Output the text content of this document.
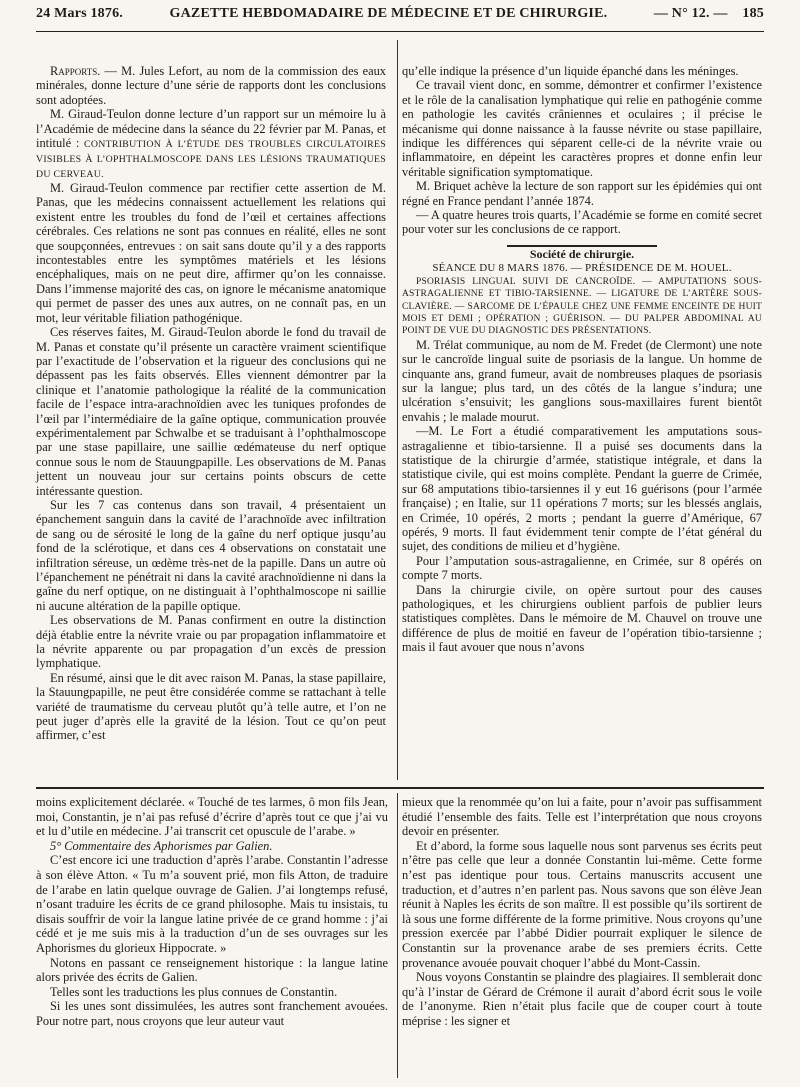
24 Mars 1876.	GAZETTE HEBDOMADAIRE DE MÉDECINE ET DE CHIRURGIE.	— N° 12. — 185

Rapports. — M. Jules Lefort, au nom de la commission des eaux minérales, donne lecture d’une série de rapports dont les conclusions sont adoptées.

M. Giraud-Teulon donne lecture d’un rapport sur un mémoire lu à l’Académie de médecine dans la séance du 22 février par M. Panas, et intitulé : CONTRIBUTION À L’ÉTUDE DES TROUBLES CIRCULATOIRES VISIBLES À L’OPHTHALMOSCOPE DANS LES LÉSIONS TRAUMATIQUES DU CERVEAU.

M. Giraud-Teulon commence par rectifier cette assertion de M. Panas, que les médecins connaissent actuellement les relations qui existent entre les troubles du fond de l’œil et certaines affections cérébrales. Ces relations ne sont pas connues en réalité, elles ne sont que soupçonnées, entrevues : on sait sans doute qu’il y a des rapports incontestables entre les symptômes matériels et les lésions encéphaliques, mais on ne peut dire, affirmer qu’on les connaisse. Dans l’immense majorité des cas, on ignore le mécanisme anatomique qui permet de passer des unes aux autres, on ne connaît pas, en un mot, leur véritable filiation pathogénique.

Ces réserves faites, M. Giraud-Teulon aborde le fond du travail de M. Panas et constate qu’il présente un caractère vraiment scientifique par l’exactitude de l’observation et la rigueur des conclusions qui ne dépassent pas les faits observés. Elles viennent démontrer par la clinique et l’anatomie pathologique la réalité de la communication facile de l’espace intra-arachnoïdien avec les tuniques profondes de l’œil par l’intermédiaire de la gaîne optique, communication prouvée expérimentalement par Schwalbe et se traduisant à l’ophthalmoscope par une stase papillaire, une saillie œdémateuse du nerf optique connue sous le nom de Stauungpapille. Les observations de M. Panas jettent un nouveau jour sur certains points obscurs de cette intéressante question.

Sur les 7 cas contenus dans son travail, 4 présentaient un épanchement sanguin dans la cavité de l’arachnoïde avec infiltration de sang ou de sérosité le long de la gaîne du nerf optique jusqu’au fond de la sclérotique, et dans ces 4 observations on constatait une infiltration séreuse, un œdème très-net de la papille. Dans un autre où l’épanchement ne pénétrait ni dans la cavité arachnoïdienne ni dans la gaîne du nerf optique, on ne distinguait à l’ophthalmoscope ni saillie ni aucune altération de la papille optique.

Les observations de M. Panas confirment en outre la distinction déjà établie entre la névrite vraie ou par propagation inflammatoire et la névrite apparente ou par propagation d’un excès de pression lymphatique.

En résumé, ainsi que le dit avec raison M. Panas, la stase papillaire, la Stauungpapille, ne peut être considérée comme se rattachant à telle variété de traumatisme du cerveau plutôt qu’à telle autre, et l’on ne peut juger d’après elle la gravité de la lésion. Tout ce qu’on peut affirmer, c’est

qu’elle indique la présence d’un liquide épanché dans les méninges.

Ce travail vient donc, en somme, démontrer et confirmer l’existence et le rôle de la canalisation lymphatique qui relie en pathogénie comme en pathologie les cavités crâniennes et oculaires ; il précise le mécanisme qui donne naissance à la fausse névrite ou stase papillaire, indique les différences qui séparent celle-ci de la névrite vraie ou inflammatoire, en dépeint les caractères propres et donne enfin leur véritable signification symptomatique.

M. Briquet achève la lecture de son rapport sur les épidémies qui ont régné en France pendant l’année 1874.

— A quatre heures trois quarts, l’Académie se forme en comité secret pour voter sur les conclusions de ce rapport.

Société de chirurgie.

SÉANCE DU 8 MARS 1876. — PRÉSIDENCE DE M. HOUEL.

PSORIASIS LINGUAL SUIVI DE CANCROÏDE. — AMPUTATIONS SOUS-ASTRAGALIENNE ET TIBIO-TARSIENNE. — LIGATURE DE L’ARTÈRE SOUS-CLAVIÈRE. — SARCOME DE L’ÉPAULE CHEZ UNE FEMME ENCEINTE DE HUIT MOIS ET DEMI ; OPÉRATION ; GUÉRISON. — DU PALPER ABDOMINAL AU POINT DE VUE DU DIAGNOSTIC DES PRÉSENTATIONS.

M. Trélat communique, au nom de M. Fredet (de Clermont) une note sur le cancroïde lingual suite de psoriasis de la langue. Un homme de cinquante ans, grand fumeur, avait de nombreuses plaques de psoriasis sur la langue; plus tard, un des côtés de la langue s’indura; une ulcération s’ensuivit; les ganglions sous-maxillaires furent bientôt envahis ; le malade mourut.

—M. Le Fort a étudié comparativement les amputations sous-astragalienne et tibio-tarsienne. Il a puisé ses documents dans la statistique de la chirurgie d’armée, statistique intégrale, et dans la statistique civile, qui est moins complète. Pendant la guerre de Crimée, sur 68 amputations tibio-tarsiennes il y eut 16 guérisons (pour l’armée française) ; en Italie, sur 11 opérations 7 morts; sur les blessés anglais, en Crimée, 10 opérés, 2 morts ; pendant la guerre d’Amérique, 67 opérés, 9 morts. Il faut évidemment tenir compte de l’état général du sujet, des conditions de milieu et d’hygiène.

Pour l’amputation sous-astragalienne, en Crimée, sur 8 opérés on compte 7 morts.

Dans la chirurgie civile, on opère surtout pour des causes pathologiques, et les chirurgiens oublient parfois de publier leurs statistiques complètes. Dans le mémoire de M. Chauvel on trouve une différence de plus de moitié en faveur de l’opération tibio-tarsienne ; mais il faut avouer que nous n’avons

moins explicitement déclarée. « Touché de tes larmes, ô mon fils Jean, moi, Constantin, je n’ai pas refusé d’écrire d’après tout ce que j’ai vu et lu d’utile en médecine. J’ai transcrit cet opuscule de l’arabe. »

5° Commentaire des Aphorismes par Galien.

C’est encore ici une traduction d’après l’arabe. Constantin l’adresse à son élève Atton. « Tu m’a souvent prié, mon fils Atton, de traduire de l’arabe en latin quelque ouvrage de Galien. J’ai longtemps refusé, n’osant traduire les écrits de ce grand philosophe. Mais tu insistais, tu disais souffrir de voir la langue latine privée de ce grand homme : j’ai cédé et je me suis mis à la traduction d’un de ses ouvrages sur les Aphorismes du glorieux Hippocrate. »

Notons en passant ce renseignement historique : la langue latine alors privée des écrits de Galien.

Telles sont les traductions les plus connues de Constantin.

Si les unes sont dissimulées, les autres sont franchement avouées. Pour notre part, nous croyons que leur auteur vaut

mieux que la renommée qu’on lui a faite, pour n’avoir pas suffisamment étudié l’ensemble des faits. Telle est l’interprétation que nous croyons devoir en présenter.

Et d’abord, la forme sous laquelle nous sont parvenus ses écrits peut n’être pas celle que leur a donnée Constantin lui-même. Cette forme n’est pas identique pour tous. Certains manuscrits accusent une traduction, et d’autres n’en parlent pas. Nous savons que son élève Jean réunit à Naples les écrits de son maître. Il est possible qu’ils sortirent de là sous une forme différente de la forme primitive. Nous croyons qu’une pression exercée par l’abbé Didier pourrait expliquer le silence de Constantin sur la provenance arabe de ses premiers écrits. Cette provenance avouée pouvait choquer l’abbé du Mont-Cassin.

Nous voyons Constantin se plaindre des plagiaires. Il semblerait donc qu’à l’instar de Gérard de Crémone il aurait d’abord écrit sous le voile de l’anonyme. Rien n’était plus facile que de couper court à toute méprise : les signer et
